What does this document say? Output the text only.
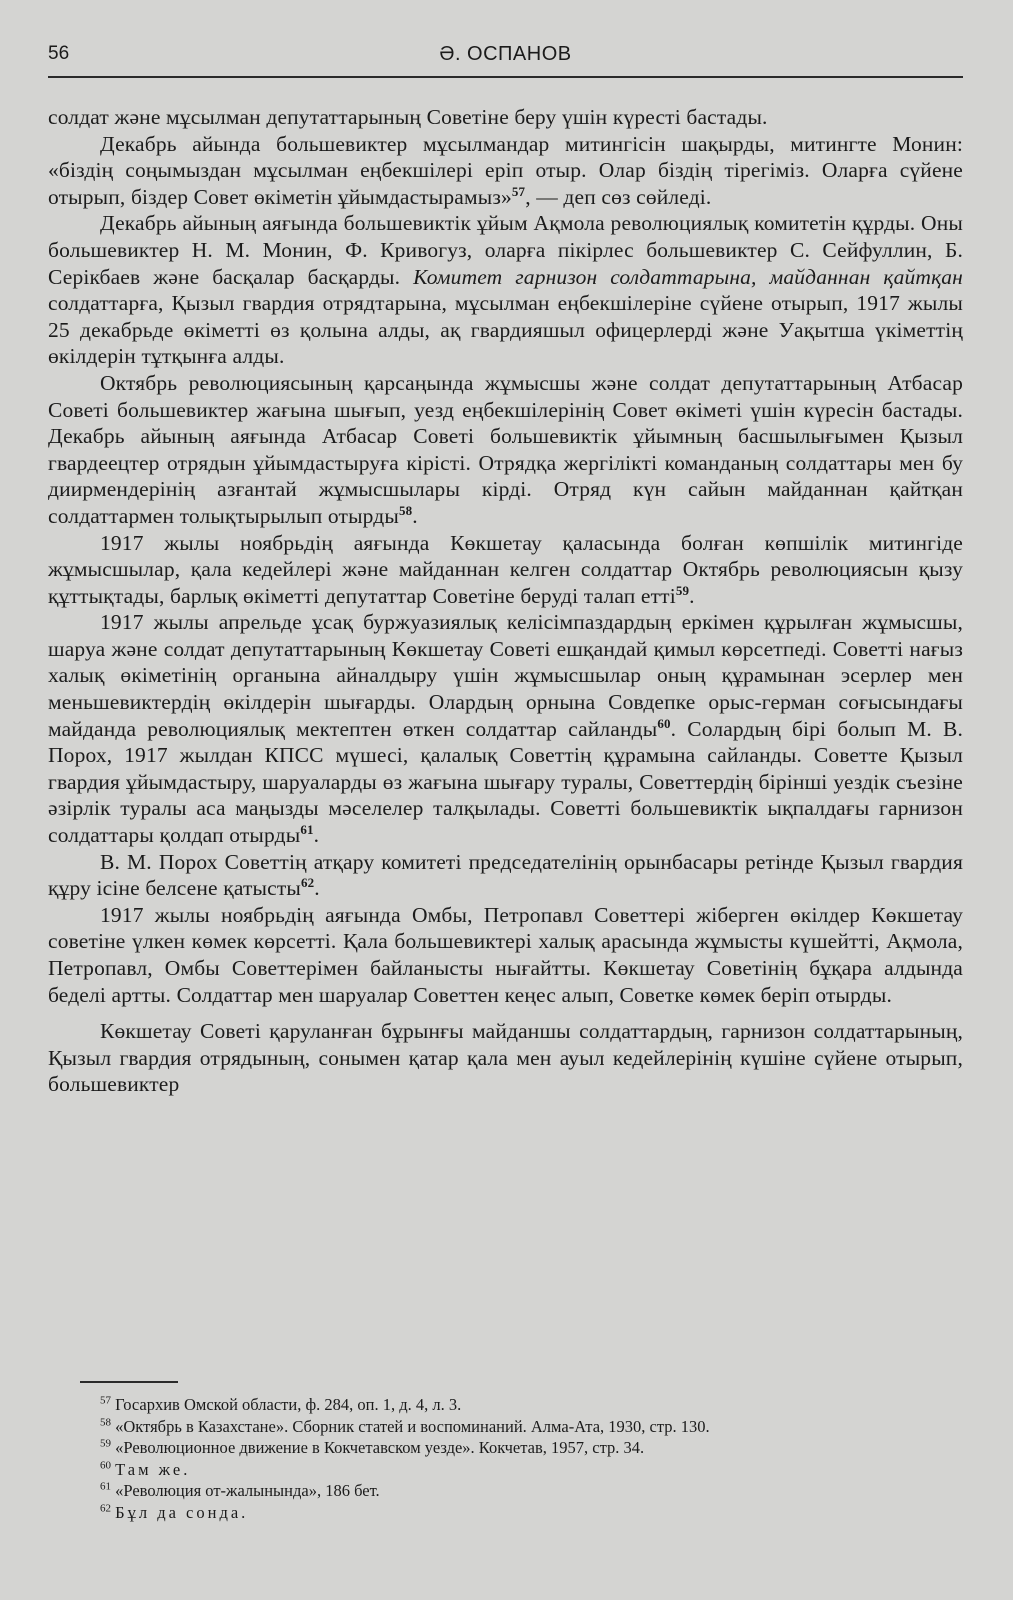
56	Ә. ОСПАНОВ

солдат және мұсылман депутаттарының Советіне беру үшін күресті бастады.

Декабрь айында большевиктер мұсылмандар митингісін шақырды, митингте Монин: «біздің соңымыздан мұсылман еңбекшілері еріп отыр. Олар біздің тірегіміз. Оларға сүйене отырып, біздер Совет өкіметін ұйымдастырамыз»$^{57}$, — деп сөз сөйледі.

Декабрь айының аяғында большевиктік ұйым Ақмола революциялық комитетін құрды. Оны большевиктер Н. М. Монин, Ф. Кривогуз, оларға пікірлес большевиктер С. Сейфуллин, Б. Серікбаев және басқалар басқарды. Комитет гарнизон солдаттарына, майданнан қайтқан солдаттарға, Қызыл гвардия отрядтарына, мұсылман еңбекшілеріне сүйене отырып, 1917 жылы 25 декабрьде өкіметті өз қолына алды, ақ гвардияшыл офицерлерді және Уақытша үкіметтің өкілдерін тұтқынға алды.

Октябрь революциясының қарсаңында жұмысшы және солдат депутаттарының Атбасар Советі большевиктер жағына шығып, уезд еңбекшілерінің Совет өкіметі үшін күресін бастады. Декабрь айының аяғында Атбасар Советі большевиктік ұйымның басшылығымен Қызыл гвардеецтер отрядын ұйымдастыруға кірісті. Отрядқа жергілікті команданың солдаттары мен бу диирмендерінің азғантай жұмысшылары кірді. Отряд күн сайын майданнан қайтқан солдаттармен толықтырылып отырды$^{58}$.

1917 жылы ноябрьдің аяғында Көкшетау қаласында болған көпшілік митингіде жұмысшылар, қала кедейлері және майданнан келген солдаттар Октябрь революциясын қызу құттықтады, барлық өкіметті депутаттар Советіне беруді талап етті$^{59}$.

1917 жылы апрельде ұсақ буржуазиялық келісімпаздардың еркімен құрылған жұмысшы, шаруа және солдат депутаттарының Көкшетау Советі ешқандай қимыл көрсетпеді. Советті нағыз халық өкіметінің органына айналдыру үшін жұмысшылар оның құрамынан эсерлер мен меньшевиктердің өкілдерін шығарды. Олардың орнына Совдепке орыс-герман соғысындағы майданда революциялық мектептен өткен солдаттар сайланды$^{60}$. Солардың бірі болып М. В. Порох, 1917 жылдан КПСС мүшесі, қалалық Советтің құрамына сайланды. Советте Қызыл гвардия ұйымдастыру, шаруаларды өз жағына шығару туралы, Советтердің бірінші уездік съезіне әзірлік туралы аса маңызды мәселелер талқылады. Советті большевиктік ықпалдағы гарнизон солдаттары қолдап отырды$^{61}$.

В. М. Порох Советтің атқару комитеті председателінің орынбасары ретінде Қызыл гвардия құру ісіне белсене қатысты$^{62}$.

1917 жылы ноябрьдің аяғында Омбы, Петропавл Советтері жіберген өкілдер Көкшетау советіне үлкен көмек көрсетті. Қала большевиктері халық арасында жұмысты күшейтті, Ақмола, Петропавл, Омбы Советтерімен байланысты нығайтты. Көкшетау Советінің бұқара алдында беделі артты. Солдаттар мен шаруалар Советтен кеңес алып, Советке көмек беріп отырды.

Көкшетау Советі қаруланған бұрынғы майданшы солдаттардың, гарнизон солдаттарының, Қызыл гвардия отрядының, сонымен қатар қала мен ауыл кедейлерінің күшіне сүйене отырып, большевиктер

$^{57}$ Госархив Омской области, ф. 284, оп. 1, д. 4, л. 3.

$^{58}$ «Октябрь в Казахстане». Сборник статей и воспоминаний. Алма-Ата, 1930, стр. 130.

$^{59}$ «Революционное движение в Кокчетавском уезде». Кокчетав, 1957, стр. 34.

$^{60}$ Там же.

$^{61}$ «Революция от-жалынында», 186 бет.

$^{62}$ Бұл да сонда.
